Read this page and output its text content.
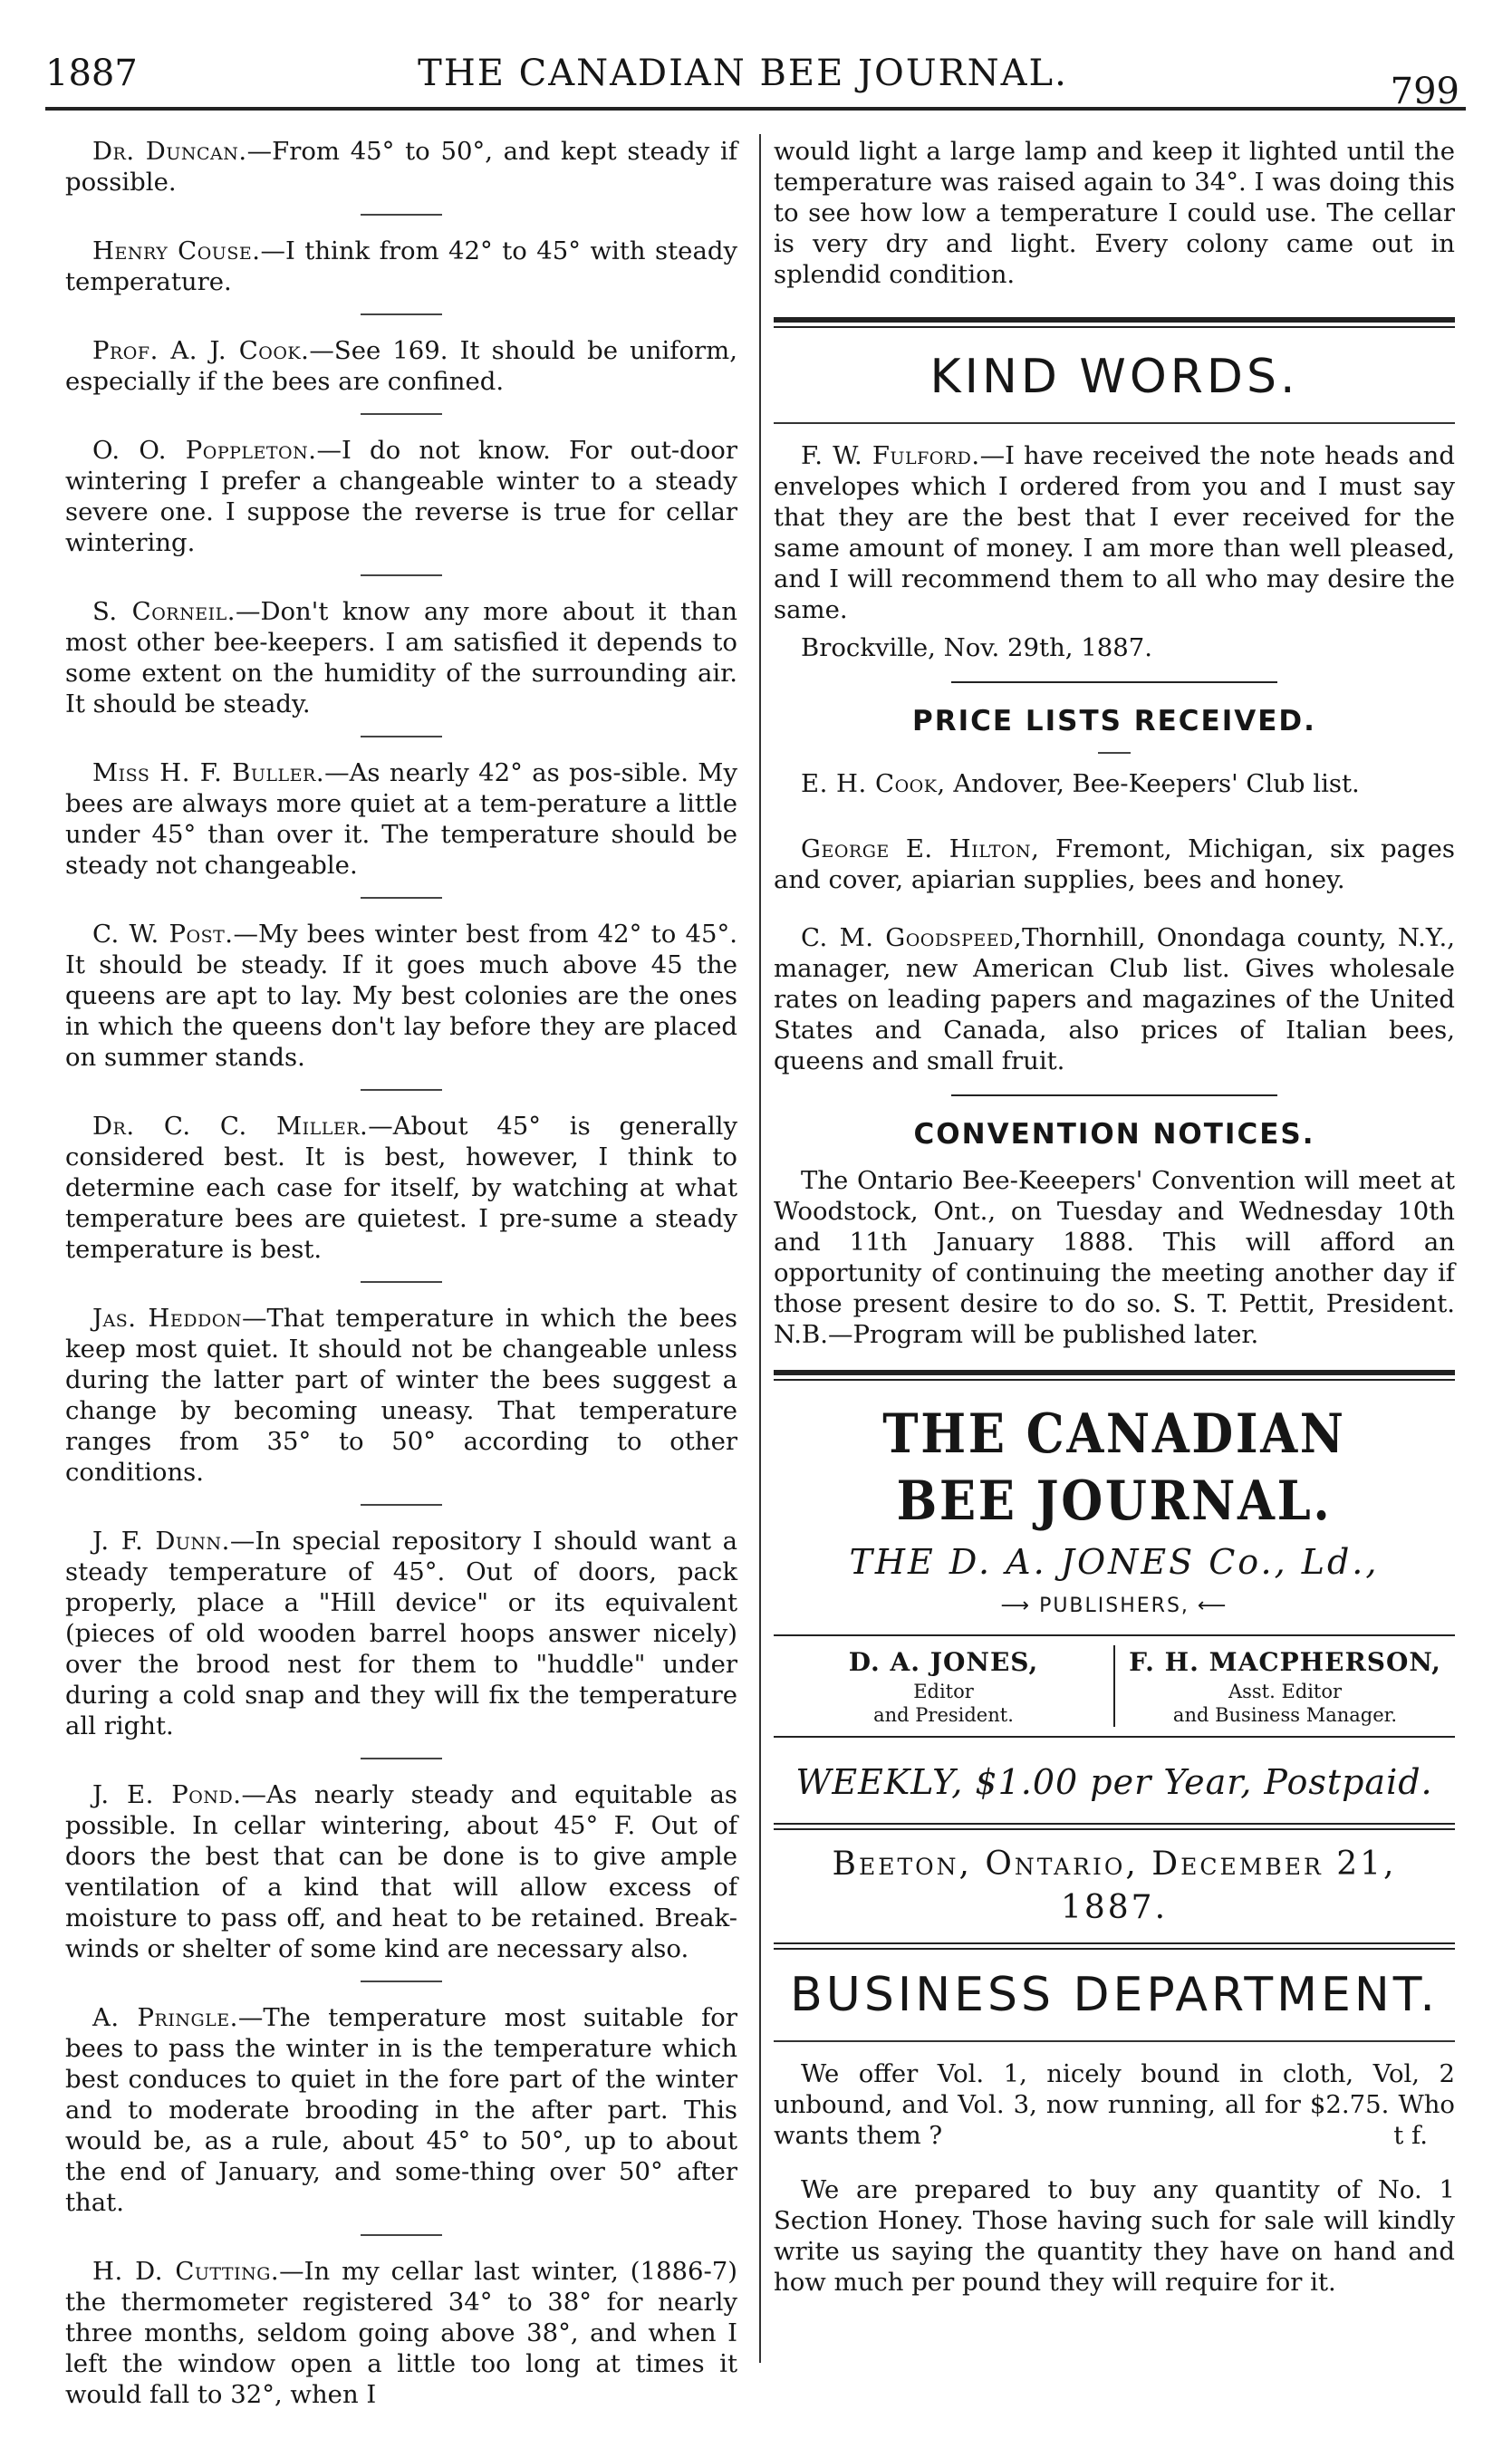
1887	THE CANADIAN BEE JOURNAL.	799
Dr. Duncan.—From 45° to 50°, and kept steady if possible.
Henry Couse.—I think from 42° to 45° with steady temperature.
Prof. A. J. Cook.—See 169. It should be uniform, especially if the bees are confined.
O. O. Poppleton.—I do not know. For out-door wintering I prefer a changeable winter to a steady severe one. I suppose the reverse is true for cellar wintering.
S. Corneil.—Don't know any more about it than most other bee-keepers. I am satisfied it depends to some extent on the humidity of the surrounding air. It should be steady.
Miss H. F. Buller.—As nearly 42° as pos-sible. My bees are always more quiet at a tem-perature a little under 45° than over it. The temperature should be steady not changeable.
C. W. Post.—My bees winter best from 42° to 45°. It should be steady. If it goes much above 45 the queens are apt to lay. My best colonies are the ones in which the queens don't lay before they are placed on summer stands.
Dr. C. C. Miller.—About 45° is generally considered best. It is best, however, I think to determine each case for itself, by watching at what temperature bees are quietest. I pre-sume a steady temperature is best.
Jas. Heddon—That temperature in which the bees keep most quiet. It should not be changeable unless during the latter part of winter the bees suggest a change by becoming uneasy. That temperature ranges from 35° to 50° according to other conditions.
J. F. Dunn.—In special repository I should want a steady temperature of 45°. Out of doors, pack properly, place a "Hill device" or its equivalent (pieces of old wooden barrel hoops answer nicely) over the brood nest for them to "huddle" under during a cold snap and they will fix the temperature all right.
J. E. Pond.—As nearly steady and equitable as possible. In cellar wintering, about 45° F. Out of doors the best that can be done is to give ample ventilation of a kind that will allow excess of moisture to pass off, and heat to be retained. Break-winds or shelter of some kind are necessary also.
A. Pringle.—The temperature most suitable for bees to pass the winter in is the temperature which best conduces to quiet in the fore part of the winter and to moderate brooding in the after part. This would be, as a rule, about 45° to 50°, up to about the end of January, and some-thing over 50° after that.
H. D. Cutting.—In my cellar last winter, (1886-7) the thermometer registered 34° to 38° for nearly three months, seldom going above 38°, and when I left the window open a little too long at times it would fall to 32°, when I

would light a large lamp and keep it lighted until the temperature was raised again to 34°. I was doing this to see how low a temperature I could use. The cellar is very dry and light. Every colony came out in splendid condition.

KIND WORDS.

F. W. Fulford.—I have received the note heads and envelopes which I ordered from you and I must say that they are the best that I ever received for the same amount of money. I am more than well pleased, and I will recommend them to all who may desire the same.

Brockville, Nov. 29th, 1887.

PRICE LISTS RECEIVED.

E. H. Cook, Andover, Bee-Keepers' Club list.

George E. Hilton, Fremont, Michigan, six pages and cover, apiarian supplies, bees and honey.

C. M. Goodspeed,Thornhill, Onondaga county, N.Y., manager, new American Club list. Gives wholesale rates on leading papers and magazines of the United States and Canada, also prices of Italian bees, queens and small fruit.

CONVENTION NOTICES.

The Ontario Bee-Keeepers' Convention will meet at Woodstock, Ont., on Tuesday and Wednesday 10th and 11th January 1888. This will afford an opportunity of continuing the meeting another day if those present desire to do so. S. T. Pettit, President. N.B.—Program will be published later.

THE CANADIAN BEE JOURNAL.
THE D. A. JONES Co., Ld.,
⟶ PUBLISHERS, ⟵
D. A. JONES,
Editor
and President.
F. H. MACPHERSON,
Asst. Editor
and Business Manager.
WEEKLY, $1.00 per Year, Postpaid.
Beeton, Ontario, December 21, 1887.
BUSINESS DEPARTMENT.

We offer Vol. 1, nicely bound in cloth, Vol, 2 unbound, and Vol. 3, now running, all for $2.75. Who wants them ?	t f.

We are prepared to buy any quantity of No. 1 Section Honey. Those having such for sale will kindly write us saying the quantity they have on hand and how much per pound they will require for it.
